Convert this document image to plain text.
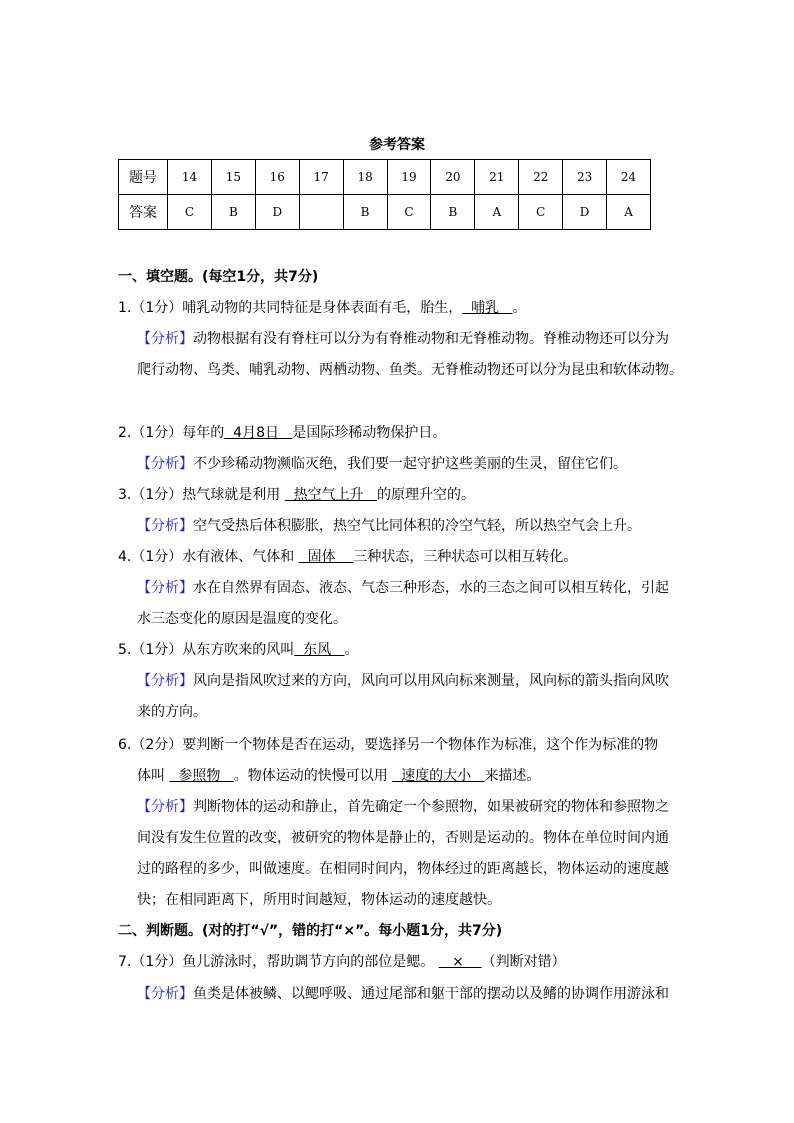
参考答案
题号	14	15	16	17	18	19	20	21	22	23	24
答案	C	B	D		B	C	B	A	C	D	A
一、填空题。(每空1分，共7分)
1.（1分）哺乳动物的共同特征是身体表面有毛，胎生，  哺乳   。
【分析】动物根据有没有脊柱可以分为有脊椎动物和无脊椎动物。脊椎动物还可以分为
爬行动物、鸟类、哺乳动物、两栖动物、鱼类。无脊椎动物还可以分为昆虫和软体动物。
2.（1分）每年的  4月8日   是国际珍稀动物保护日。
【分析】不少珍稀动物濒临灭绝，我们要一起守护这些美丽的生灵，留住它们。
3.（1分）热气球就是利用   热空气上升   的原理升空的。
【分析】空气受热后体积膨胀，热空气比同体积的冷空气轻，所以热空气会上升。
4.（1分）水有液体、气体和   固体    三种状态，三种状态可以相互转化。
【分析】水在自然界有固态、液态、气态三种形态，水的三态之间可以相互转化，引起
水三态变化的原因是温度的变化。
5.（1分）从东方吹来的风叫  东风   。
【分析】风向是指风吹过来的方向，风向可以用风向标来测量，风向标的箭头指向风吹
来的方向。
6.（2分）要判断一个物体是否在运动，要选择另一个物体作为标准，这个作为标准的物
体叫   参照物   。物体运动的快慢可以用   速度的大小   来描述。
【分析】判断物体的运动和静止，首先确定一个参照物，如果被研究的物体和参照物之
间没有发生位置的改变，被研究的物体是静止的，否则是运动的。物体在单位时间内通
过的路程的多少，叫做速度。在相同时间内，物体经过的距离越长，物体运动的速度越
快；在相同距离下，所用时间越短，物体运动的速度越快。
二、判断题。(对的打“√”，错的打“×”。每小题1分，共7分)
7.（1分）鱼儿游泳时，帮助调节方向的部位是鳃。    ×    （判断对错）
【分析】鱼类是体被鳞、以鳃呼吸、通过尾部和躯干部的摆动以及鳍的协调作用游泳和
